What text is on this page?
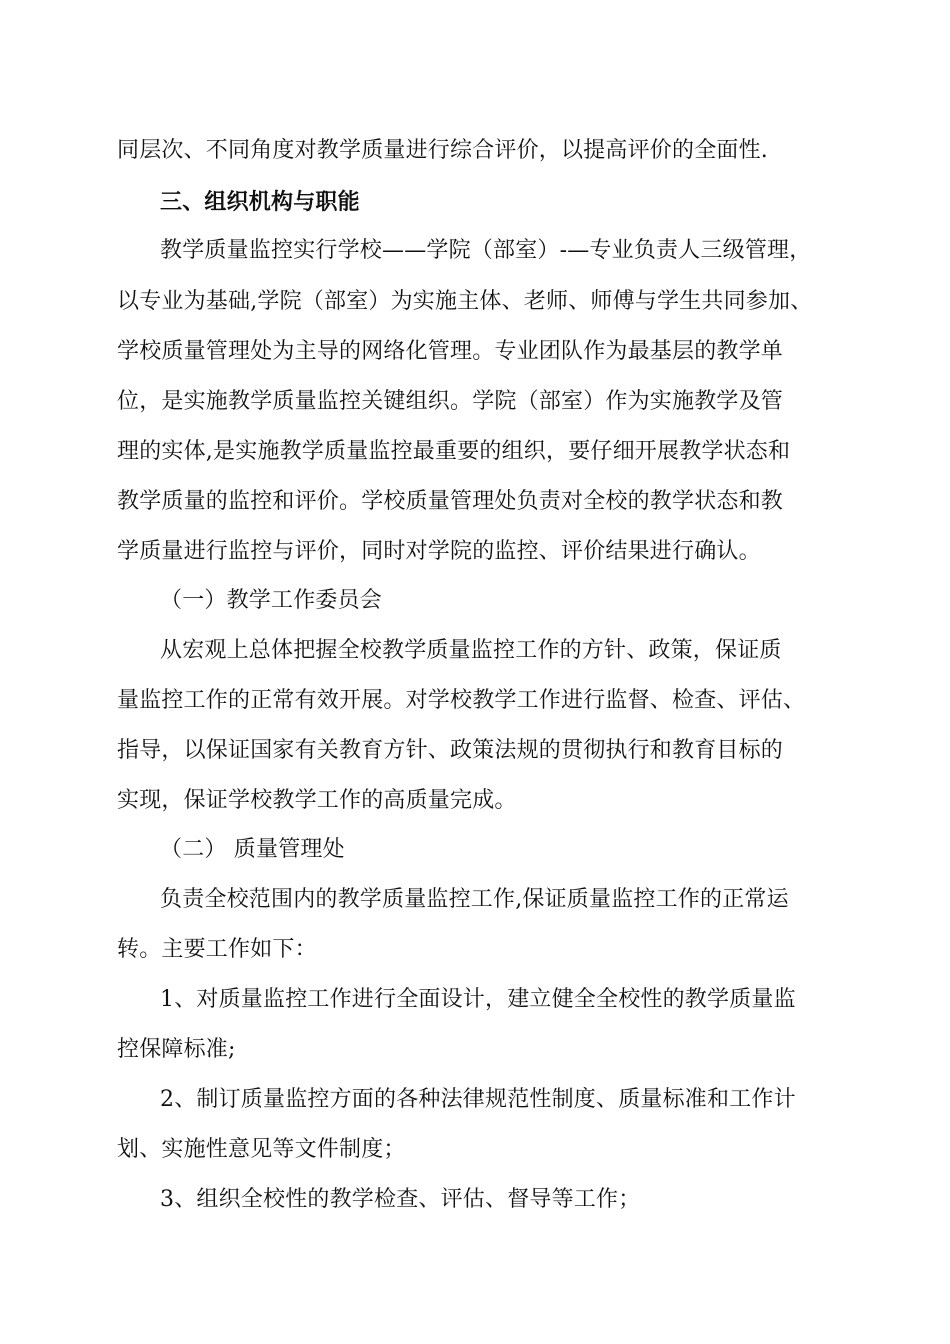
同层次、不同角度对教学质量进行综合评价，以提高评价的全面性.
三、组织机构与职能
教学质量监控实行学校——学院（部室）-—专业负责人三级管理，
以专业为基础,学院（部室）为实施主体、老师、师傅与学生共同参加、
学校质量管理处为主导的网络化管理。专业团队作为最基层的教学单
位，是实施教学质量监控关键组织。学院（部室）作为实施教学及管
理的实体,是实施教学质量监控最重要的组织，要仔细开展教学状态和
教学质量的监控和评价。学校质量管理处负责对全校的教学状态和教
学质量进行监控与评价，同时对学院的监控、评价结果进行确认。
（一）教学工作委员会
从宏观上总体把握全校教学质量监控工作的方针、政策，保证质
量监控工作的正常有效开展。对学校教学工作进行监督、检查、评估、
指导，以保证国家有关教育方针、政策法规的贯彻执行和教育目标的
实现，保证学校教学工作的高质量完成。
（二） 质量管理处
负责全校范围内的教学质量监控工作,保证质量监控工作的正常运
转。主要工作如下：
1、对质量监控工作进行全面设计，建立健全全校性的教学质量监
控保障标准;
2、制订质量监控方面的各种法律规范性制度、质量标准和工作计
划、实施性意见等文件制度；
3、组织全校性的教学检查、评估、督导等工作；
